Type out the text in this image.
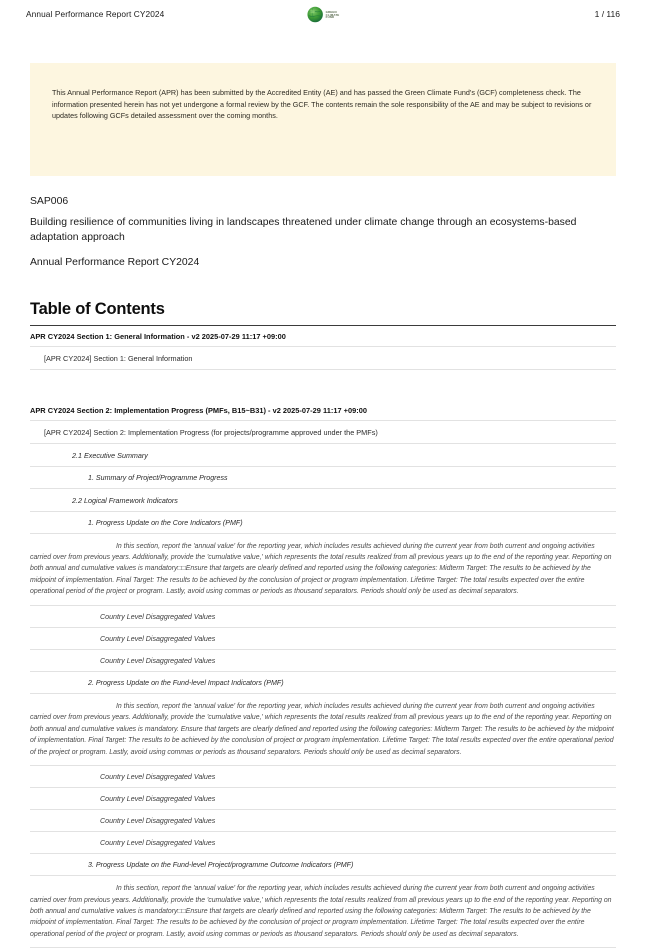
Annual Performance Report CY2024	GREEN
CLIMATE
FUND	1 / 116
This Annual Performance Report (APR) has been submitted by the Accredited Entity (AE) and has passed the Green Climate Fund's (GCF) completeness check. The information presented herein has not yet undergone a formal review by the GCF. The contents remain the sole responsibility of the AE and may be subject to revisions or updates following GCFs detailed assessment over the coming months.
SAP006
Building resilience of communities living in landscapes threatened under climate change through an ecosystems-based adaptation approach
Annual Performance Report CY2024
Table of Contents
APR CY2024 Section 1: General Information - v2 2025-07-29 11:17 +09:00
[APR CY2024] Section 1: General Information
APR CY2024 Section 2: Implementation Progress (PMFs, B15~B31) - v2 2025-07-29 11:17 +09:00
[APR CY2024] Section 2: Implementation Progress (for projects/programme approved under the PMFs)
2.1 Executive Summary
1. Summary of Project/Programme Progress
2.2 Logical Framework Indicators
1. Progress Update on the Core Indicators (PMF)
In this section, report the 'annual value' for the reporting year, which includes results achieved during the current year from both current and ongoing activities carried over from previous years. Additionally, provide the 'cumulative value,' which represents the total results realized from all previous years up to the end of the reporting year. Reporting on both annual and cumulative values is mandatory□□Ensure that targets are clearly defined and reported using the following categories: Midterm Target: The results to be achieved by the midpoint of implementation. Final Target: The results to be achieved by the conclusion of project or program implementation. Lifetime Target: The total results expected over the entire operational period of the project or program. Lastly, avoid using commas or periods as thousand separators. Periods should only be used as decimal separators.
Country Level Disaggregated Values
Country Level Disaggregated Values
Country Level Disaggregated Values
2. Progress Update on the Fund-level Impact Indicators (PMF)
In this section, report the 'annual value' for the reporting year, which includes results achieved during the current year from both current and ongoing activities carried over from previous years. Additionally, provide the 'cumulative value,' which represents the total results realized from all previous years up to the end of the reporting year. Reporting on both annual and cumulative values is mandatory. Ensure that targets are clearly defined and reported using the following categories: Midterm Target: The results to be achieved by the midpoint of implementation. Final Target: The results to be achieved by the conclusion of project or program implementation. Lifetime Target: The total results expected over the entire operational period of the project or program. Lastly, avoid using commas or periods as thousand separators. Periods should only be used as decimal separators.
Country Level Disaggregated Values
Country Level Disaggregated Values
Country Level Disaggregated Values
Country Level Disaggregated Values
3. Progress Update on the Fund-level Project/programme Outcome Indicators (PMF)
In this section, report the 'annual value' for the reporting year, which includes results achieved during the current year from both current and ongoing activities carried over from previous years. Additionally, provide the 'cumulative value,' which represents the total results realized from all previous years up to the end of the reporting year. Reporting on both annual and cumulative values is mandatory□□Ensure that targets are clearly defined and reported using the following categories: Midterm Target: The results to be achieved by the midpoint of implementation. Final Target: The results to be achieved by the conclusion of project or program implementation. Lifetime Target: The total results expected over the entire operational period of the project or program. Lastly, avoid using commas or periods as thousand separators. Periods should only be used as decimal separators.
